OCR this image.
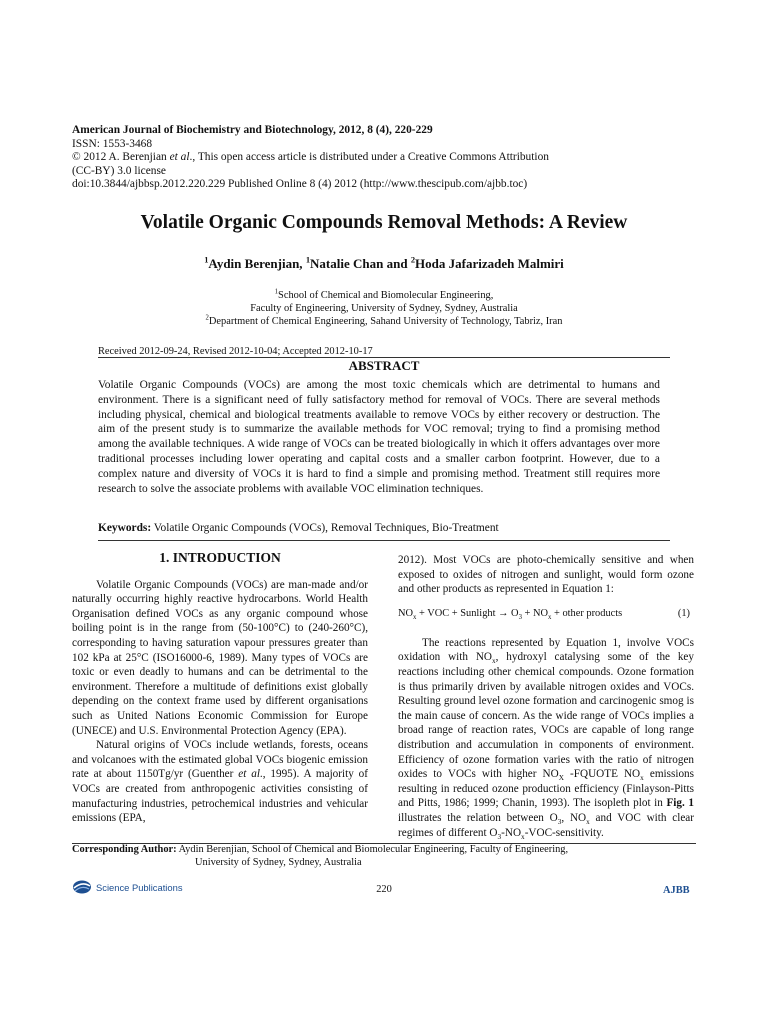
American Journal of Biochemistry and Biotechnology, 2012, 8 (4), 220-229
ISSN: 1553-3468
© 2012 A. Berenjian et al., This open access article is distributed under a Creative Commons Attribution
(CC-BY) 3.0 license
doi:10.3844/ajbbsp.2012.220.229 Published Online 8 (4) 2012 (http://www.thescipub.com/ajbb.toc)
Volatile Organic Compounds Removal Methods: A Review
$^1$Aydin Berenjian, $^1$Natalie Chan and $^2$Hoda Jafarizadeh Malmiri
$^1$School of Chemical and Biomolecular Engineering,
Faculty of Engineering, University of Sydney, Sydney, Australia
$^2$Department of Chemical Engineering, Sahand University of Technology, Tabriz, Iran
Received 2012-09-24, Revised 2012-10-04; Accepted 2012-10-17
ABSTRACT
Volatile Organic Compounds (VOCs) are among the most toxic chemicals which are detrimental to humans and environment. There is a significant need of fully satisfactory method for removal of VOCs. There are several methods including physical, chemical and biological treatments available to remove VOCs by either recovery or destruction. The aim of the present study is to summarize the available methods for VOC removal; trying to find a promising method among the available techniques. A wide range of VOCs can be treated biologically in which it offers advantages over more traditional processes including lower operating and capital costs and a smaller carbon footprint. However, due to a complex nature and diversity of VOCs it is hard to find a simple and promising method. Treatment still requires more research to solve the associate problems with available VOC elimination techniques.
Keywords: Volatile Organic Compounds (VOCs), Removal Techniques, Bio-Treatment

1. INTRODUCTION

Volatile Organic Compounds (VOCs) are man-made and/or naturally occurring highly reactive hydrocarbons. World Health Organisation defined VOCs as any organic compound whose boiling point is in the range from (50-100°C) to (240-260°C), corresponding to having saturation vapour pressures greater than 102 kPa at 25°C (ISO16000-6, 1989). Many types of VOCs are toxic or even deadly to humans and can be detrimental to the environment. Therefore a multitude of definitions exist globally depending on the context frame used by different organisations such as United Nations Economic Commission for Europe (UNECE) and U.S. Environmental Protection Agency (EPA).

Natural origins of VOCs include wetlands, forests, oceans and volcanoes with the estimated global VOCs biogenic emission rate at about 1150Tg/yr (Guenther et al., 1995). A majority of VOCs are created from anthropogenic activities consisting of manufacturing industries, petrochemical industries and vehicular emissions (EPA,

2012). Most VOCs are photo-chemically sensitive and when exposed to oxides of nitrogen and sunlight, would form ozone and other products as represented in Equation 1:

$NO_x$ + VOC + Sunlight → $O_3 + NO_x$ + other products	(1)

The reactions represented by Equation 1, involve VOCs oxidation with $NO_x$, hydroxyl catalysing some of the key reactions including other chemical compounds. Ozone formation is thus primarily driven by available nitrogen oxides and VOCs. Resulting ground level ozone formation and carcinogenic smog is the main cause of concern. As the wide range of VOCs implies a broad range of reaction rates, VOCs are capable of long range distribution and accumulation in components of environment. Efficiency of ozone formation varies with the ratio of nitrogen oxides to VOCs with higher $NO_X$ -FQUOTE $NO_x$ emissions resulting in reduced ozone production efficiency (Finlayson-Pitts and Pitts, 1986; 1999; Chanin, 1993). The isopleth plot in Fig. 1 illustrates the relation between $O_3$, $NO_x$ and VOC with clear regimes of different $O_3-NO_x-VOC$-sensitivity.

Corresponding Author: Aydin Berenjian, School of Chemical and Biomolecular Engineering, Faculty of Engineering,
University of Sydney, Sydney, Australia
Science Publications	220	AJBB
